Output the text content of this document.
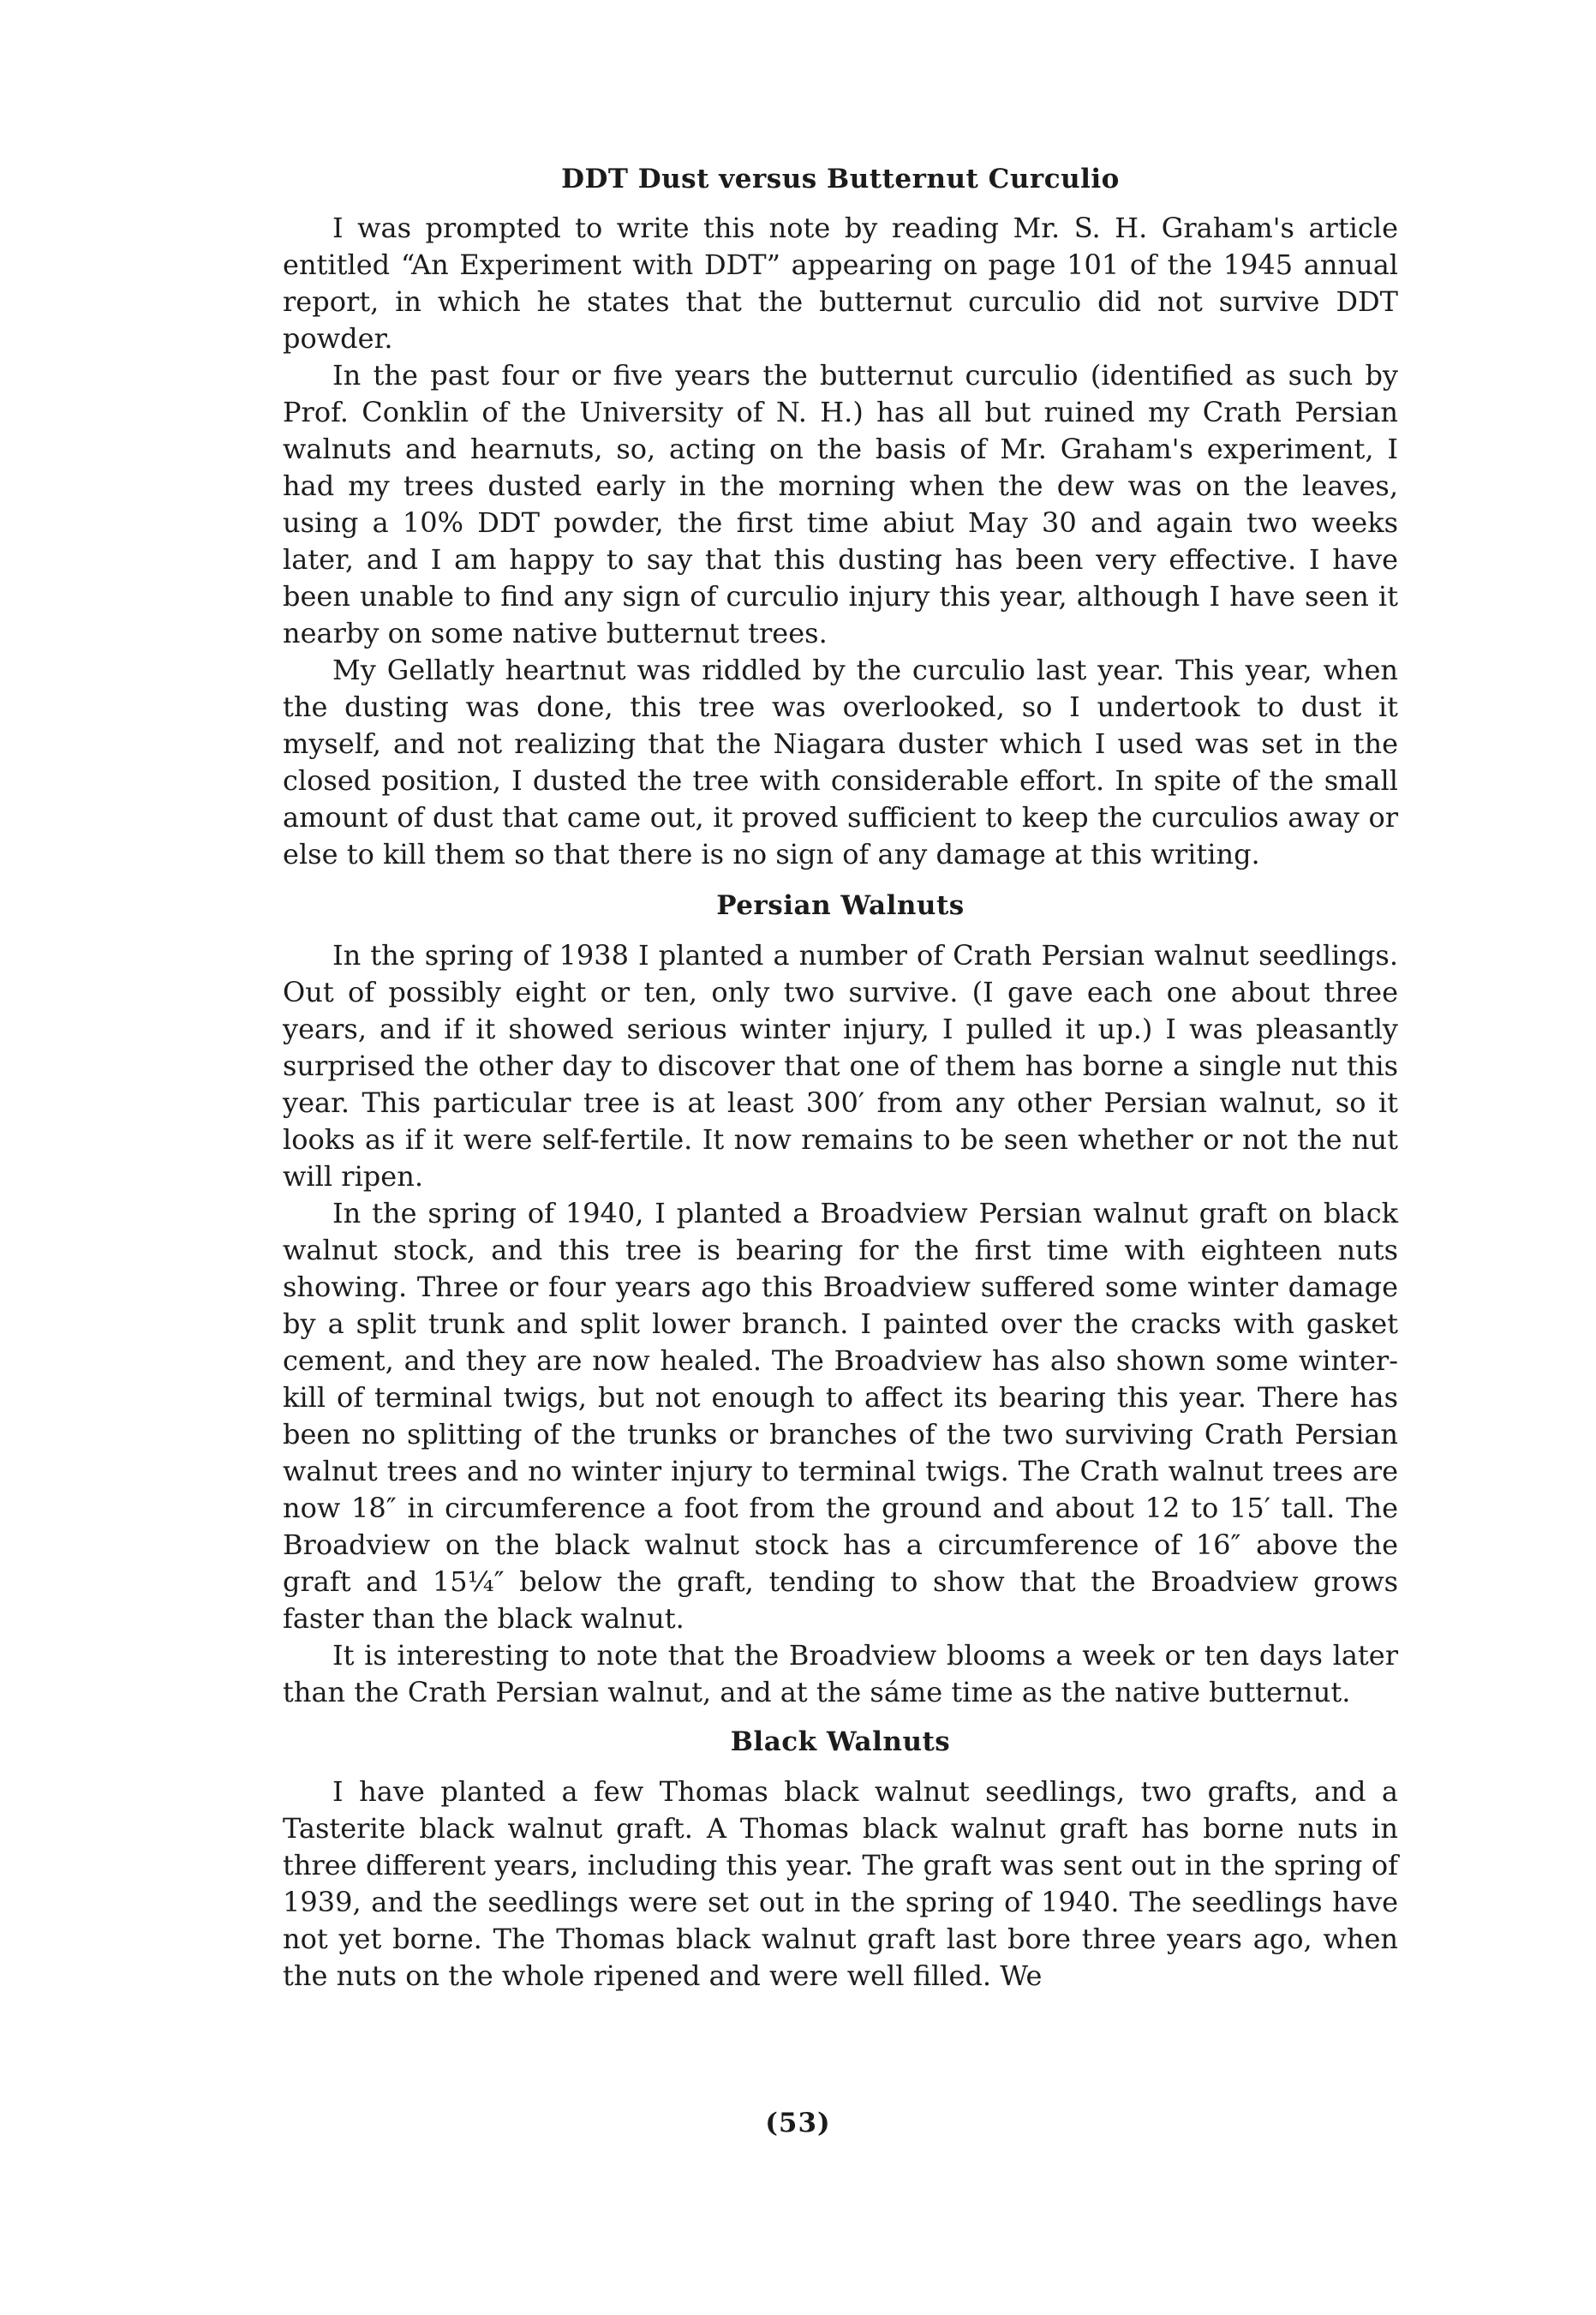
DDT Dust versus Butternut Curculio

I was prompted to write this note by reading Mr. S. H. Graham's article entitled “An Experiment with DDT” appearing on page 101 of the 1945 annual report, in which he states that the butternut curculio did not survive DDT powder.

In the past four or five years the butternut curculio (identified as such by Prof. Conklin of the University of N. H.) has all but ruined my Crath Persian walnuts and hearnuts, so, acting on the basis of Mr. Graham's experiment, I had my trees dusted early in the morning when the dew was on the leaves, using a 10% DDT powder, the first time abiut May 30 and again two weeks later, and I am happy to say that this dusting has been very effective. I have been unable to find any sign of curculio injury this year, although I have seen it nearby on some native butternut trees.

My Gellatly heartnut was riddled by the curculio last year. This year, when the dusting was done, this tree was overlooked, so I undertook to dust it myself, and not realizing that the Niagara duster which I used was set in the closed position, I dusted the tree with considerable effort. In spite of the small amount of dust that came out, it proved sufficient to keep the curculios away or else to kill them so that there is no sign of any damage at this writing.

Persian Walnuts

In the spring of 1938 I planted a number of Crath Persian walnut seedlings. Out of possibly eight or ten, only two survive. (I gave each one about three years, and if it showed serious winter injury, I pulled it up.) I was pleasantly surprised the other day to discover that one of them has borne a single nut this year. This particular tree is at least 300′ from any other Persian walnut, so it looks as if it were self-fertile. It now remains to be seen whether or not the nut will ripen.

In the spring of 1940, I planted a Broadview Persian walnut graft on black walnut stock, and this tree is bearing for the first time with eighteen nuts showing. Three or four years ago this Broadview suffered some winter damage by a split trunk and split lower branch. I painted over the cracks with gasket cement, and they are now healed. The Broadview has also shown some winter-kill of terminal twigs, but not enough to affect its bearing this year. There has been no splitting of the trunks or branches of the two surviving Crath Persian walnut trees and no winter injury to terminal twigs. The Crath walnut trees are now 18″ in circumference a foot from the ground and about 12 to 15′ tall. The Broadview on the black walnut stock has a circumference of 16″ above the graft and 15¼″ below the graft, tending to show that the Broadview grows faster than the black walnut.

It is interesting to note that the Broadview blooms a week or ten days later than the Crath Persian walnut, and at the sáme time as the native butternut.

Black Walnuts

I have planted a few Thomas black walnut seedlings, two grafts, and a Tasterite black walnut graft. A Thomas black walnut graft has borne nuts in three different years, including this year. The graft was sent out in the spring of 1939, and the seedlings were set out in the spring of 1940. The seedlings have not yet borne. The Thomas black walnut graft last bore three years ago, when the nuts on the whole ripened and were well filled. We

(53)
